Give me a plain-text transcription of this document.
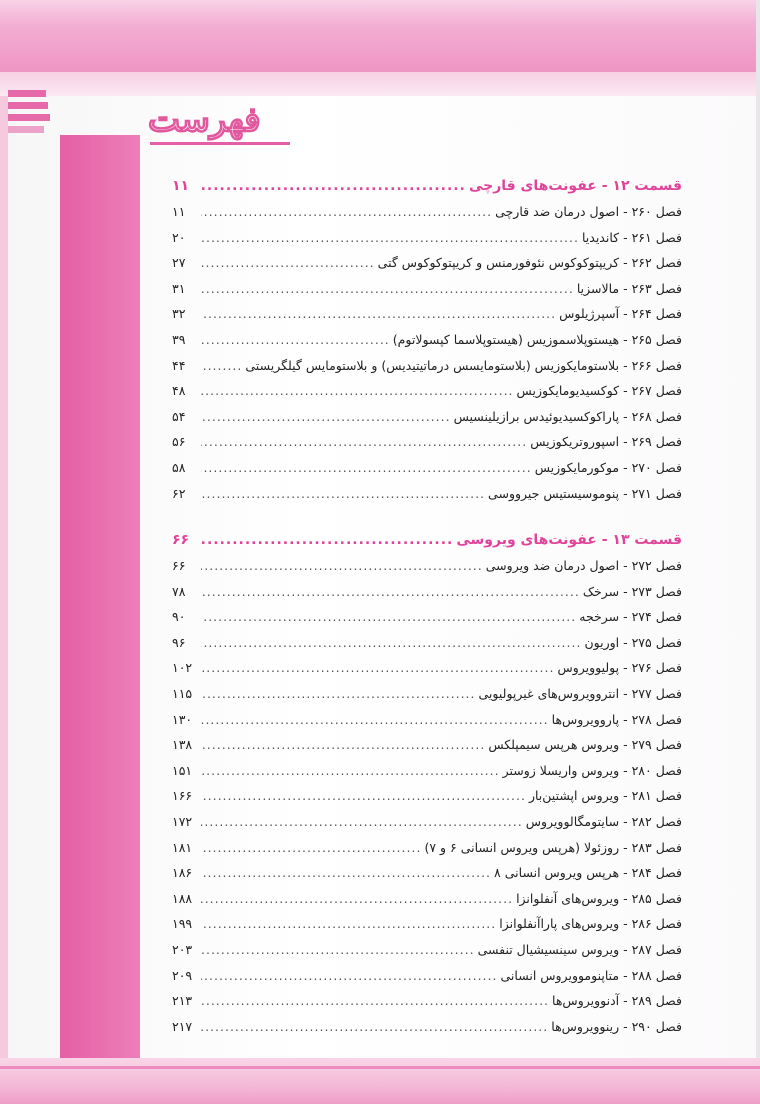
فهرست
قسمت ۱۲ - عفونت‌های قارچی
.....
۱۱
فصل ۲۶۰ - اصول درمان ضد قارچی
.....
۱۱
فصل ۲۶۱ - کاندیدیا
.....
۲۰
فصل ۲۶۲ - کریپتوکوکوس نئوفورمنس و کریپتوکوکوس گتی
.....
۲۷
فصل ۲۶۳ - مالاسزیا
.....
۳۱
فصل ۲۶۴ - آسپرژیلوس
.....
۳۲
فصل ۲۶۵ - هیستوپلاسموزیس (هیستوپلاسما کپسولاتوم)
.....
۳۹
فصل ۲۶۶ - بلاستومایکوزیس (بلاستومایسس درماتیتیدیس) و بلاستومایس گیلگریستی
.....
۴۴
فصل ۲۶۷ - کوکسیدیومایکوزیس
.....
۴۸
فصل ۲۶۸ - پاراکوکسیدیوئیدس برازیلینسیس
.....
۵۴
فصل ۲۶۹ - اسپوروتریکوزیس
.....
۵۶
فصل ۲۷۰ - موکورمایکوزیس
.....
۵۸
فصل ۲۷۱ - پنوموسیستیس جیرووسی
.....
۶۲
قسمت ۱۳ - عفونت‌های ویروسی
.....
۶۶
فصل ۲۷۲ - اصول درمان ضد ویروسی
.....
۶۶
فصل ۲۷۳ - سرخک
.....
۷۸
فصل ۲۷۴ - سرخجه
.....
۹۰
فصل ۲۷۵ - اوریون
.....
۹۶
فصل ۲۷۶ - پولیوویروس
.....
۱۰۲
فصل ۲۷۷ - انتروویروس‌های غیرپولیویی
.....
۱۱۵
فصل ۲۷۸ - پاروویروس‌ها
.....
۱۳۰
فصل ۲۷۹ - ویروس هرپس سیمپلکس
.....
۱۳۸
فصل ۲۸۰ - ویروس واریسلا زوستر
.....
۱۵۱
فصل ۲۸۱ - ویروس اپشتین‌بار
.....
۱۶۶
فصل ۲۸۲ - سایتومگالوویروس
.....
۱۷۲
فصل ۲۸۳ - روزئولا (هرپس ویروس انسانی ۶ و ۷)
.....
۱۸۱
فصل ۲۸۴ - هرپس ویروس انسانی ۸
.....
۱۸۶
فصل ۲۸۵ - ویروس‌های آنفلوانزا
.....
۱۸۸
فصل ۲۸۶ - ویروس‌های پاراآنفلوانزا
.....
۱۹۹
فصل ۲۸۷ - ویروس سینسیشیال تنفسی
.....
۲۰۳
فصل ۲۸۸ - متاپنوموویروس انسانی
.....
۲۰۹
فصل ۲۸۹ - آدنوویروس‌ها
.....
۲۱۳
فصل ۲۹۰ - رینوویروس‌ها
.....
۲۱۷
